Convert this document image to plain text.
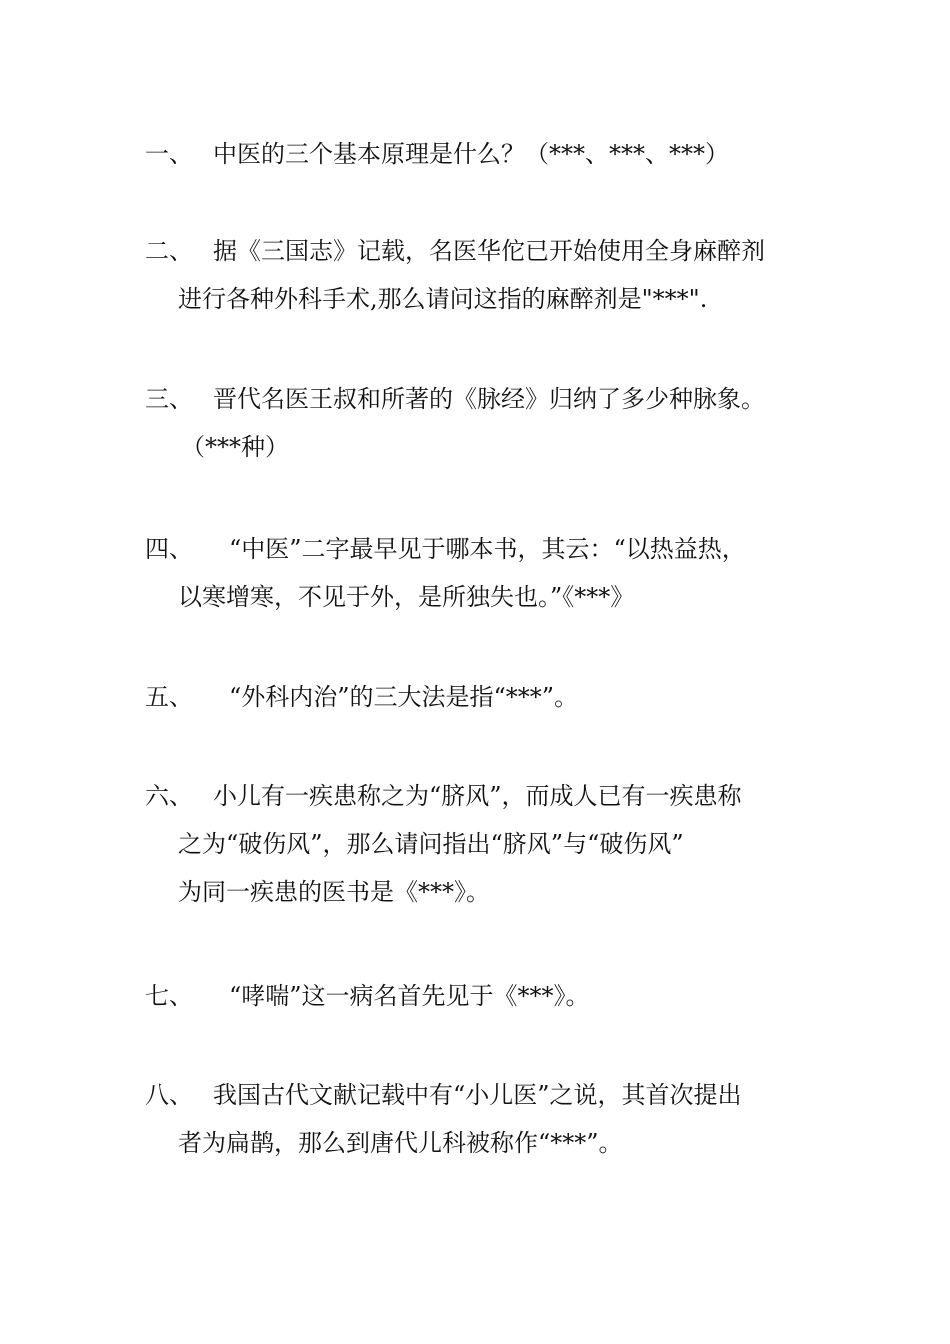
一、 中医的三个基本原理是什么？（***、***、***）
二、 据《三国志》记载，名医华佗已开始使用全身麻醉剂
进行各种外科手术,那么请问这指的麻醉剂是"***".
三、 晋代名医王叔和所著的《脉经》归纳了多少种脉象。
（***种）
四、	“中医”二字最早见于哪本书，其云：“以热益热，
以寒增寒，不见于外，是所独失也。”《***》
五、	“外科内治”的三大法是指“***”。
六、 小儿有一疾患称之为“脐风”，而成人已有一疾患称
之为“破伤风”，那么请问指出“脐风”与“破伤风”
为同一疾患的医书是《***》。
七、	“哮喘”这一病名首先见于《***》。
八、 我国古代文献记载中有“小儿医”之说，其首次提出
者为扁鹊，那么到唐代儿科被称作“***”。
